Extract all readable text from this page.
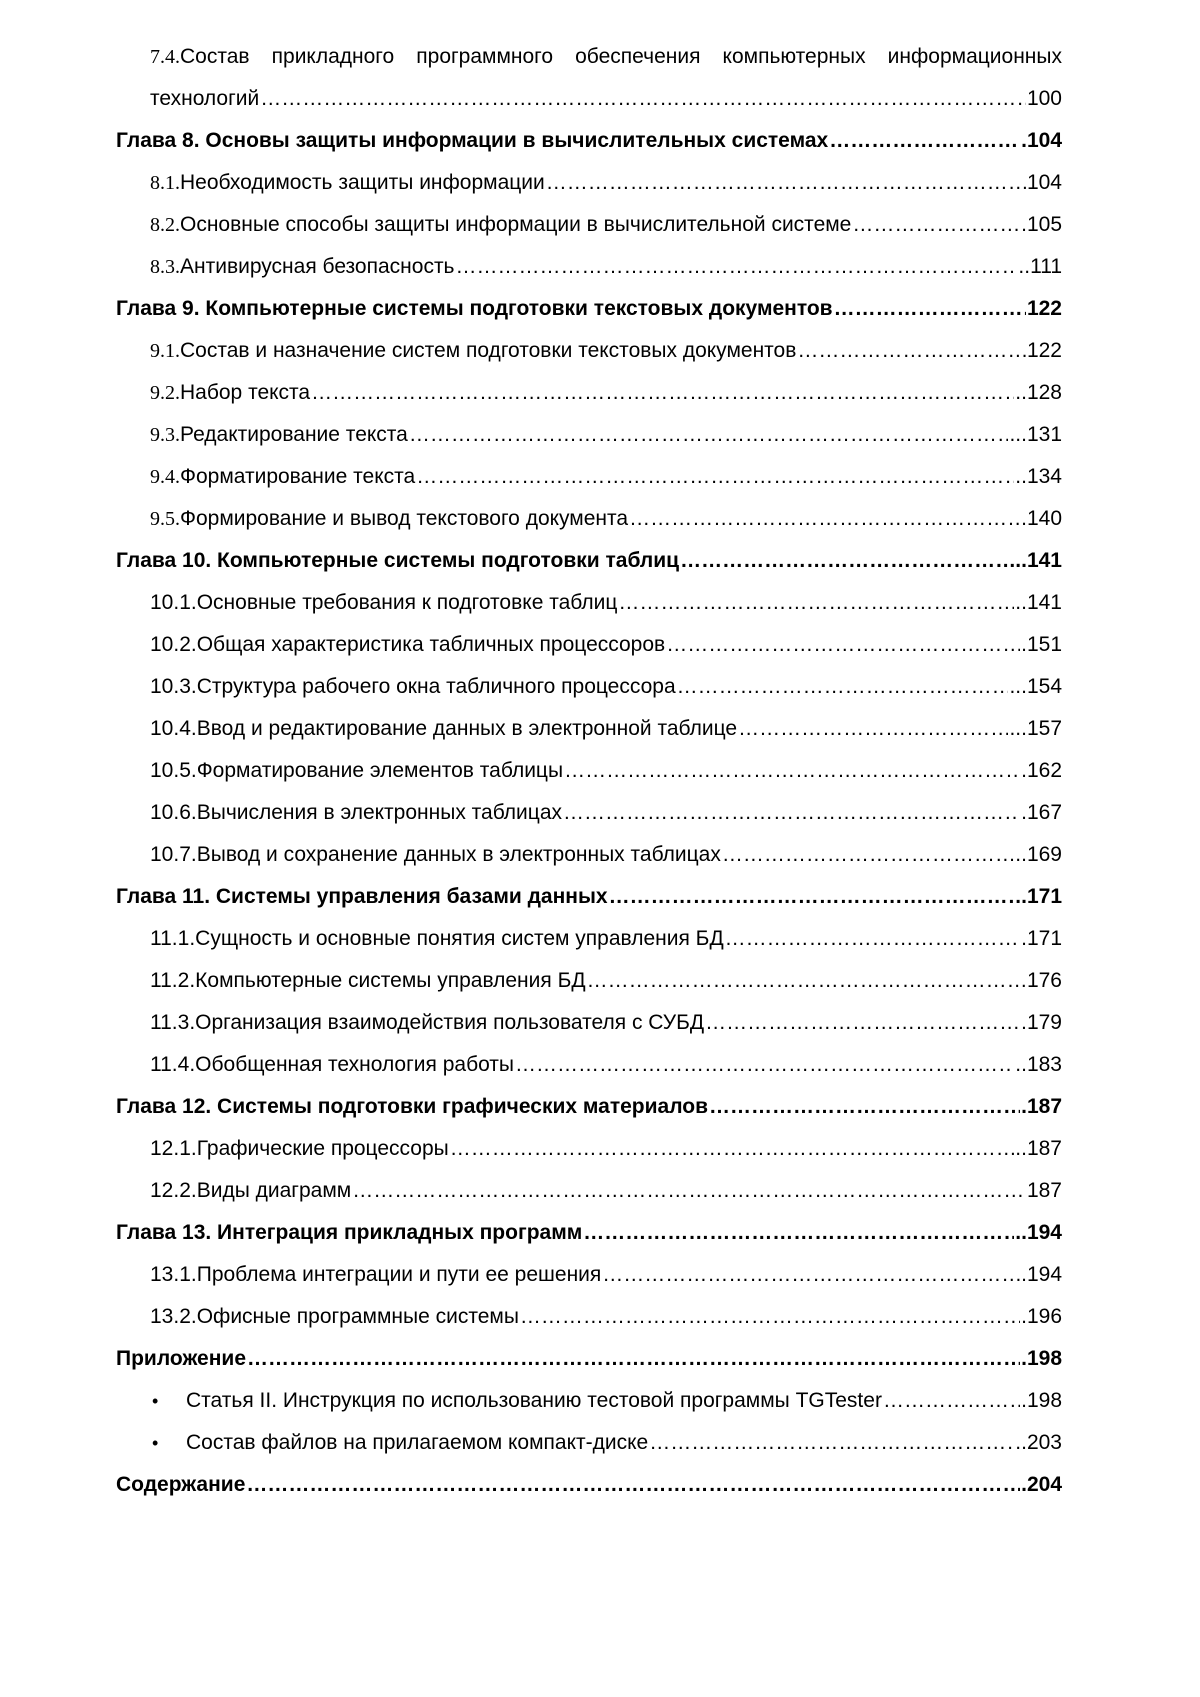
7.4.Состав прикладного программного обеспечения компьютерных информационных
технологий …………………………………………………………………………………………………………………………………………………………………………………………………………………………………………………………	100
Глава 8. Основы защиты информации в вычислительных системах …………………………………………………………………………………………………………………………………………………………………………………………………………………………………………………………	.104
8.1.Необходимость защиты информации …………………………………………………………………………………………………………………………………………………………………………………………………………………………………………………………	104
8.2.Основные способы защиты информации в вычислительной системе …………………………………………………………………………………………………………………………………………………………………………………………………………………………………………………………	.105
8.3.Антивирусная безопасность …………………………………………………………………………………………………………………………………………………………………………………………………………………………………………………………	..111
Глава 9. Компьютерные системы подготовки текстовых документов …………………………………………………………………………………………………………………………………………………………………………………………………………………………………………………………	122
9.1.Состав и назначение систем подготовки текстовых документов …………………………………………………………………………………………………………………………………………………………………………………………………………………………………………………………	122
9.2.Набор текста …………………………………………………………………………………………………………………………………………………………………………………………………………………………………………………………	..128
9.3.Редактирование текста …………………………………………………………………………………………………………………………………………………………………………………………………………………………………………………………	...131
9.4.Форматирование текста …………………………………………………………………………………………………………………………………………………………………………………………………………………………………………………………	..134
9.5.Формирование и вывод текстового документа …………………………………………………………………………………………………………………………………………………………………………………………………………………………………………………………	.140
Глава 10. Компьютерные системы подготовки таблиц …………………………………………………………………………………………………………………………………………………………………………………………………………………………………………………………	..141
10.1.Основные требования к подготовке таблиц …………………………………………………………………………………………………………………………………………………………………………………………………………………………………………………………	..141
10.2.Общая характеристика табличных процессоров …………………………………………………………………………………………………………………………………………………………………………………………………………………………………………………………	.151
10.3.Структура рабочего окна табличного процессора …………………………………………………………………………………………………………………………………………………………………………………………………………………………………………………………	...154
10.4.Ввод и редактирование данных в электронной таблице …………………………………………………………………………………………………………………………………………………………………………………………………………………………………………………………	...157
10.5.Форматирование элементов таблицы …………………………………………………………………………………………………………………………………………………………………………………………………………………………………………………………	.162
10.6.Вычисления в электронных таблицах …………………………………………………………………………………………………………………………………………………………………………………………………………………………………………………………	.167
10.7.Вывод и сохранение данных в электронных таблицах …………………………………………………………………………………………………………………………………………………………………………………………………………………………………………………………	..169
Глава 11. Системы управления базами данных …………………………………………………………………………………………………………………………………………………………………………………………………………………………………………………………	.171
11.1.Сущность и основные понятия систем управления БД …………………………………………………………………………………………………………………………………………………………………………………………………………………………………………………………	.171
11.2.Компьютерные системы управления БД …………………………………………………………………………………………………………………………………………………………………………………………………………………………………………………………	176
11.3.Организация взаимодействия пользователя с СУБД …………………………………………………………………………………………………………………………………………………………………………………………………………………………………………………………	179
11.4.Обобщенная технология работы …………………………………………………………………………………………………………………………………………………………………………………………………………………………………………………………	..183
Глава 12. Системы подготовки графических материалов …………………………………………………………………………………………………………………………………………………………………………………………………………………………………………………………	.187
12.1.Графические процессоры …………………………………………………………………………………………………………………………………………………………………………………………………………………………………………………………	..187
12.2.Виды диаграмм …………………………………………………………………………………………………………………………………………………………………………………………………………………………………………………………	187
Глава 13. Интеграция прикладных программ …………………………………………………………………………………………………………………………………………………………………………………………………………………………………………………………	..194
13.1.Проблема интеграции и пути ее решения …………………………………………………………………………………………………………………………………………………………………………………………………………………………………………………………	.194
13.2.Офисные программные системы …………………………………………………………………………………………………………………………………………………………………………………………………………………………………………………………	.196
Приложение …………………………………………………………………………………………………………………………………………………………………………………………………………………………………………………………	.198
• Статья II. Инструкция по использованию тестовой программы TGTester …………………………………………………………………………………………………………………………………………………………………………………………………………………………………………………………	.198
• Состав файлов на прилагаемом компакт-диске …………………………………………………………………………………………………………………………………………………………………………………………………………………………………………………………	..203
Содержание …………………………………………………………………………………………………………………………………………………………………………………………………………………………………………………………	.204
